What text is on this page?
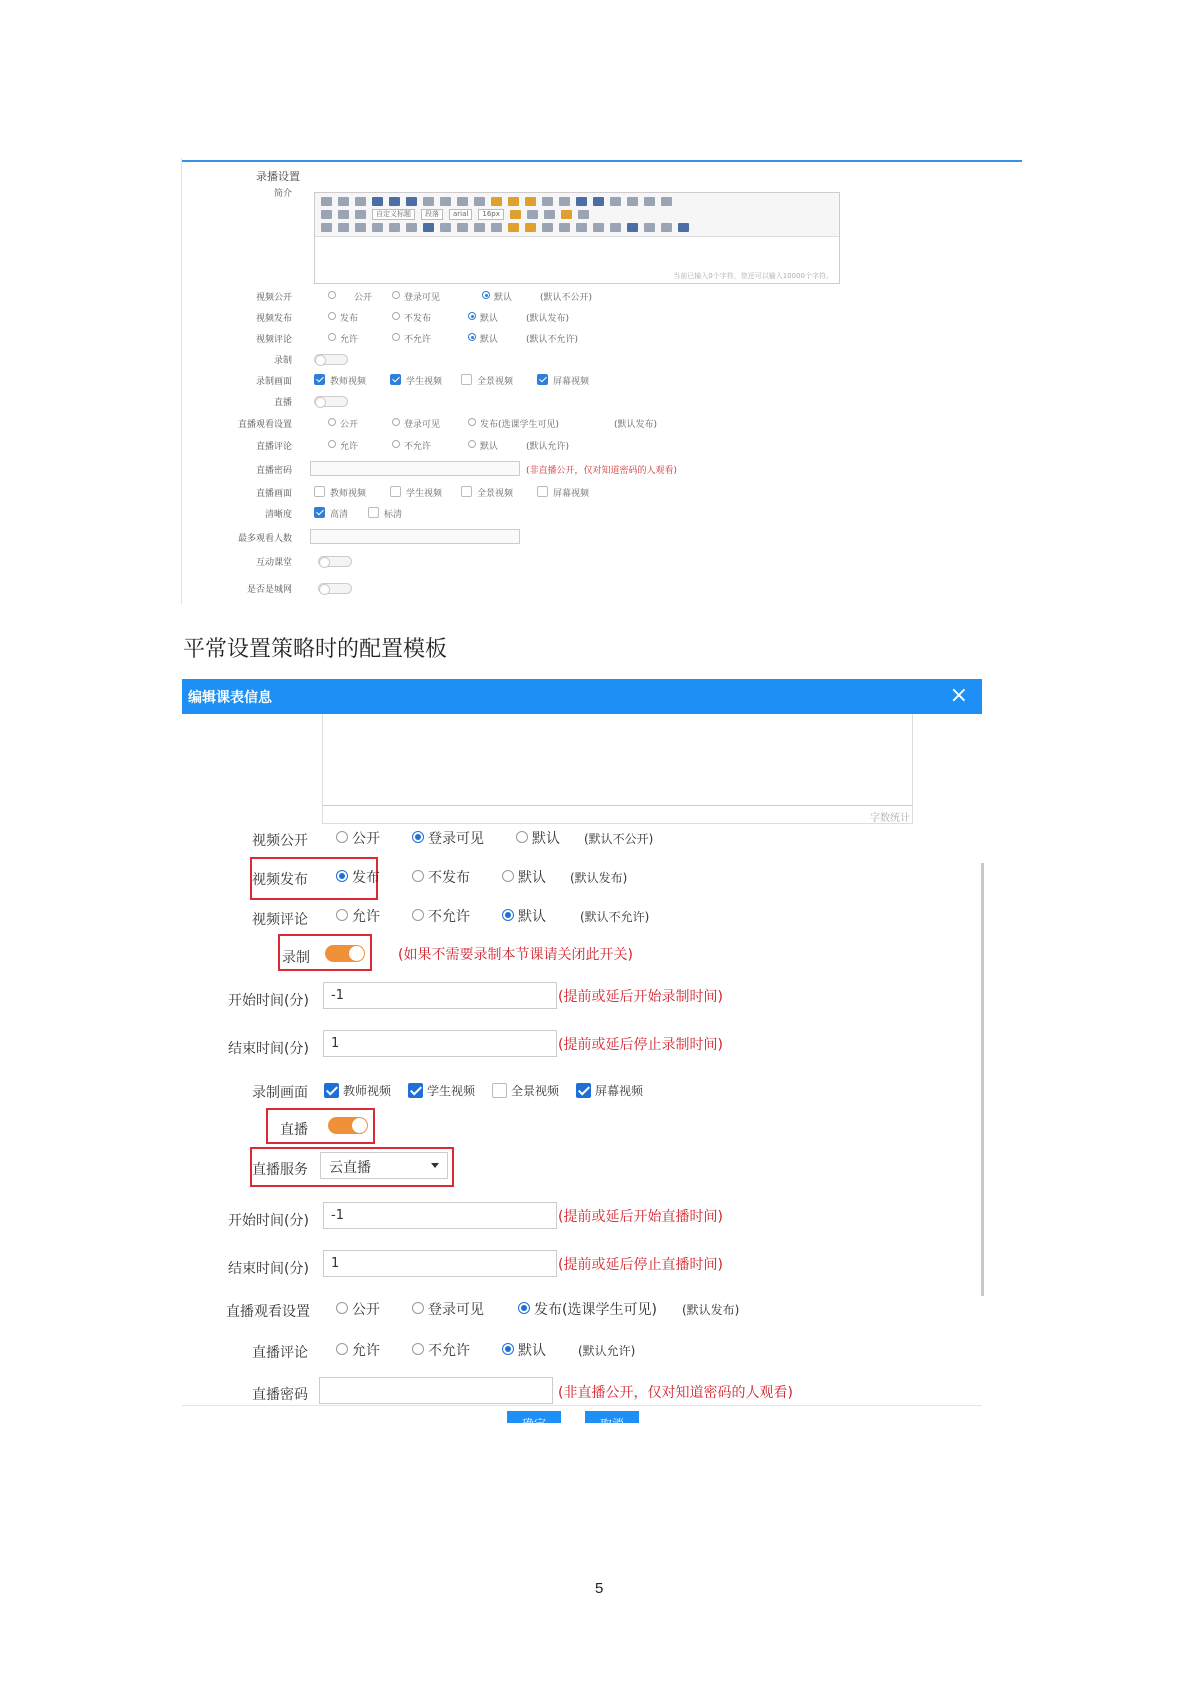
录播设置
简介
自定义标题	段落	arial	16px
当前已输入0个字符，您还可以输入10000个字符。
视频公开	公开	登录可见	默认	(默认不公开)
视频发布	发布	不发布	默认	(默认发布)
视频评论	允许	不允许	默认	(默认不允许)
录制
录制画面	教师视频	学生视频	全景视频	屏幕视频
直播
直播观看设置	公开	登录可见	发布(选课学生可见)	(默认发布)
直播评论	允许	不允许	默认	(默认允许)
直播密码	(非直播公开，仅对知道密码的人观看)
直播画面	教师视频	学生视频	全景视频	屏幕视频
清晰度	高清	标清
最多观看人数
互动课堂
是否是城网
平常设置策略时的配置模板
编辑课表信息	×
字数统计
视频公开	公开	登录可见	默认 (默认不公开)
视频发布	发布	不发布	默认 (默认发布)
视频评论	允许	不允许	默认	(默认不允许)
录制	(如果不需要录制本节课请关闭此开关)
开始时间(分)	-1	(提前或延后开始录制时间)
结束时间(分)	1	(提前或延后停止录制时间)
录制画面	教师视频	学生视频	全景视频	屏幕视频
直播
直播服务	云直播
开始时间(分)	-1	(提前或延后开始直播时间)
结束时间(分)	1	(提前或延后停止直播时间)
直播观看设置	公开	登录可见	发布(选课学生可见) (默认发布)
直播评论	允许	不允许	默认	(默认允许)
直播密码	(非直播公开，仅对知道密码的人观看)
5
